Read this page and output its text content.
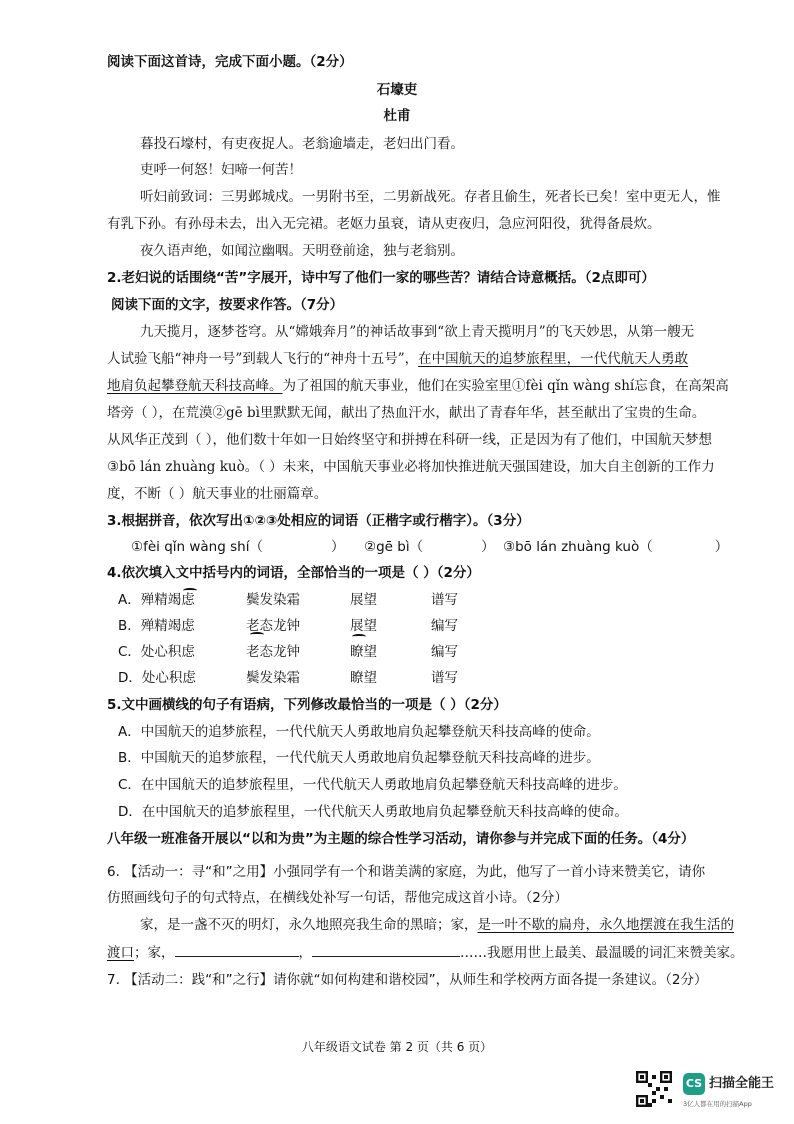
阅读下面这首诗，完成下面小题。（2分）
石壕吏
杜甫
暮投石壕村，有吏夜捉人。老翁逾墙走，老妇出门看。
吏呼一何怒！妇啼一何苦！
听妇前致词：三男邺城戍。一男附书至，二男新战死。存者且偷生，死者长已矣！室中更无人，惟
有乳下孙。有孙母未去，出入无完裙。老妪力虽衰，请从吏夜归，急应河阳役，犹得备晨炊。
夜久语声绝，如闻泣幽咽。天明登前途，独与老翁别。
2.老妇说的话围绕“苦”字展开，诗中写了他们一家的哪些苦？请结合诗意概括。（2点即可）
阅读下面的文字，按要求作答。（7分）
九天揽月，逐梦苍穹。从“嫦娥奔月”的神话故事到“欲上青天揽明月”的飞天妙思，从第一艘无
人试验飞船“神舟一号”到载人飞行的“神舟十五号”，在中国航天的追梦旅程里，一代代航天人勇敢
地肩负起攀登航天科技高峰。为了祖国的航天事业，他们在实验室里①fèi qǐn wàng shí忘食，在高架高
塔旁（ ），在荒漠②gē bì里默默无闻，献出了热血汗水，献出了青春年华，甚至献出了宝贵的生命。
从风华正茂到（ ），他们数十年如一日始终坚守和拼搏在科研一线，正是因为有了他们，中国航天梦想
③bō lán zhuàng kuò。（ ）未来，中国航天事业必将加快推进航天强国建设，加大自主创新的工作力
度，不断（ ）航天事业的壮丽篇章。
3.根据拼音，依次写出①②③处相应的词语（正楷字或行楷字）。（3分）
①fèi qǐn wàng shí（	） ②gē bì（	） ③bō lán zhuàng kuò（	）
4.依次填入文中括号内的词语，全部恰当的一项是（ ）（2分）
A．殚精竭虑	鬓发染霜	展望	谱写
B．殚精竭虑	老态龙钟	展望	编写
C．处心积虑	老态龙钟	瞭望	编写
D．处心积虑	鬓发染霜	瞭望	谱写
5.文中画横线的句子有语病，下列修改最恰当的一项是（ ）（2分）
A．中国航天的追梦旅程，一代代航天人勇敢地肩负起攀登航天科技高峰的使命。
B．中国航天的追梦旅程，一代代航天人勇敢地肩负起攀登航天科技高峰的进步。
C．在中国航天的追梦旅程里，一代代航天人勇敢地肩负起攀登航天科技高峰的进步。
D．在中国航天的追梦旅程里，一代代航天人勇敢地肩负起攀登航天科技高峰的使命。
八年级一班准备开展以“以和为贵”为主题的综合性学习活动，请你参与并完成下面的任务。（4分）
6. 【活动一：寻“和”之用】小强同学有一个和谐美满的家庭，为此，他写了一首小诗来赞美它，请你
仿照画线句子的句式特点，在横线处补写一句话，帮他完成这首小诗。（2分）
家，是一盏不灭的明灯，永久地照亮我生命的黑暗；家，是一叶不歇的扁舟，永久地摆渡在我生活的
渡口；家，	，	……我愿用世上最美、最温暖的词汇来赞美家。
7. 【活动二：践“和”之行】请你就“如何构建和谐校园”，从师生和学校两方面各提一条建议。（2分）
八年级语文试卷 第 2 页（共 6 页）
CS 扫描全能王
3亿人都在用的扫描App
